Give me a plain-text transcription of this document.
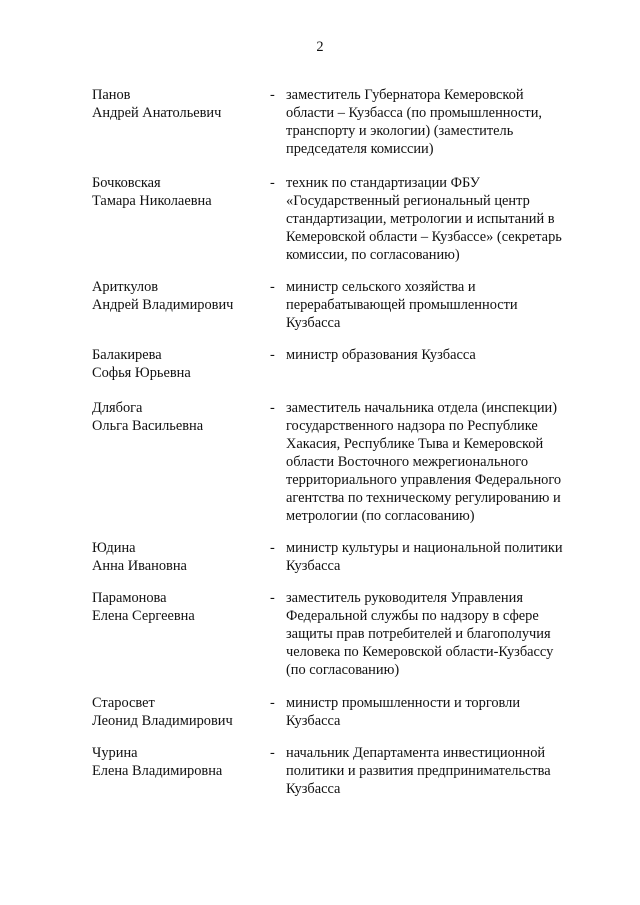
2
Панов
Андрей Анатольевич
- заместитель Губернатора Кемеровской
области – Кузбасса (по промышленности,
транспорту и экологии) (заместитель
председателя комиссии)
Бочковская
Тамара Николаевна
- техник по стандартизации ФБУ
«Государственный региональный центр
стандартизации, метрологии и испытаний в
Кемеровской области – Кузбассе» (секретарь
комиссии, по согласованию)
Ариткулов
Андрей Владимирович
- министр сельского хозяйства и
перерабатывающей промышленности
Кузбасса
Балакирева
Софья Юрьевна
- министр образования Кузбасса
Длябога
Ольга Васильевна
- заместитель начальника отдела (инспекции)
государственного надзора по Республике
Хакасия, Республике Тыва и Кемеровской
области Восточного межрегионального
территориального управления Федерального
агентства по техническому регулированию и
метрологии (по согласованию)
Юдина
Анна Ивановна
- министр культуры и национальной политики
Кузбасса
Парамонова
Елена Сергеевна
- заместитель руководителя Управления
Федеральной службы по надзору в сфере
защиты прав потребителей и благополучия
человека по Кемеровской области-Кузбассу
(по согласованию)
Старосвет
Леонид Владимирович
- министр промышленности и торговли
Кузбасса
Чурина
Елена Владимировна
- начальник Департамента инвестиционной
политики и развития предпринимательства
Кузбасса
